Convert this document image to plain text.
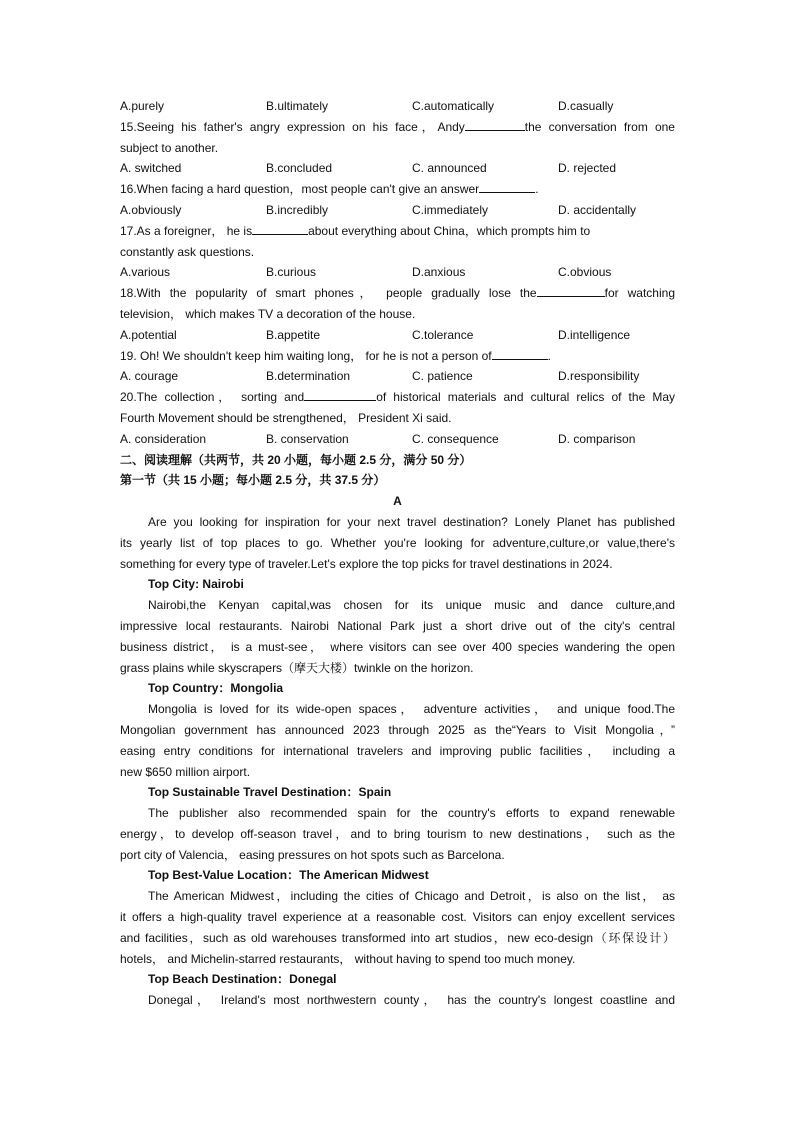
A.purely	B.ultimately	C.automatically	D.casually
15.Seeing his father's angry expression on his face，Andy	the conversation from one
subject to another.
A. switched	B.concluded	C. announced	D. rejected
16.When facing a hard question，most people can't give an answer	.
A.obviously	B.incredibly	C.immediately	D. accidentally
17.As a foreigner， he is	about everything about China，which prompts him to
constantly ask questions.
A.various	B.curious	D.anxious	C.obvious
18.With the popularity of smart phones， people gradually lose the	for watching
television， which makes TV a decoration of the house.
A.potential	B.appetite	C.tolerance	D.intelligence
19. Oh! We shouldn't keep him waiting long， for he is not a person of	.
A. courage	B.determination	C. patience	D.responsibility
20.The collection， sorting and	of historical materials and cultural relics of the May
Fourth Movement should be strengthened， President Xi said.
A. consideration	B. conservation	C. consequence	D. comparison
二、阅读理解（共两节，共 20 小题，每小题 2.5 分，满分 50 分）
第一节（共 15 小题；每小题 2.5 分，共 37.5 分）
A
Are you looking for inspiration for your next travel destination? Lonely Planet has published
its yearly list of top places to go. Whether you're looking for adventure,culture,or value,there's
something for every type of traveler.Let's explore the top picks for travel destinations in 2024.
Top City: Nairobi
Nairobi,the Kenyan capital,was chosen for its unique music and dance culture,and
impressive local restaurants. Nairobi National Park just a short drive out of the city's central
business district， is a must-see， where visitors can see over 400 species wandering the open
grass plains while skyscrapers（摩天大楼）twinkle on the horizon.
Top Country：Mongolia
Mongolia is loved for its wide-open spaces， adventure activities， and unique food.The
Mongolian government has announced 2023 through 2025 as the“Years to Visit Mongolia，”
easing entry conditions for international travelers and improving public facilities， including a
new $650 million airport.
Top Sustainable Travel Destination：Spain
The publisher also recommended spain for the country's efforts to expand renewable
energy，to develop off-season travel，and to bring tourism to new destinations， such as the
port city of Valencia， easing pressures on hot spots such as Barcelona.
Top Best-Value Location：The American Midwest
The American Midwest，including the cities of Chicago and Detroit，is also on the list， as
it offers a high-quality travel experience at a reasonable cost. Visitors can enjoy excellent services
and facilities，such as old warehouses transformed into art studios，new eco-design（环保设计）
hotels， and Michelin-starred restaurants， without having to spend too much money.
Top Beach Destination：Donegal
Donegal， Ireland's most northwestern county， has the country's longest coastline and
